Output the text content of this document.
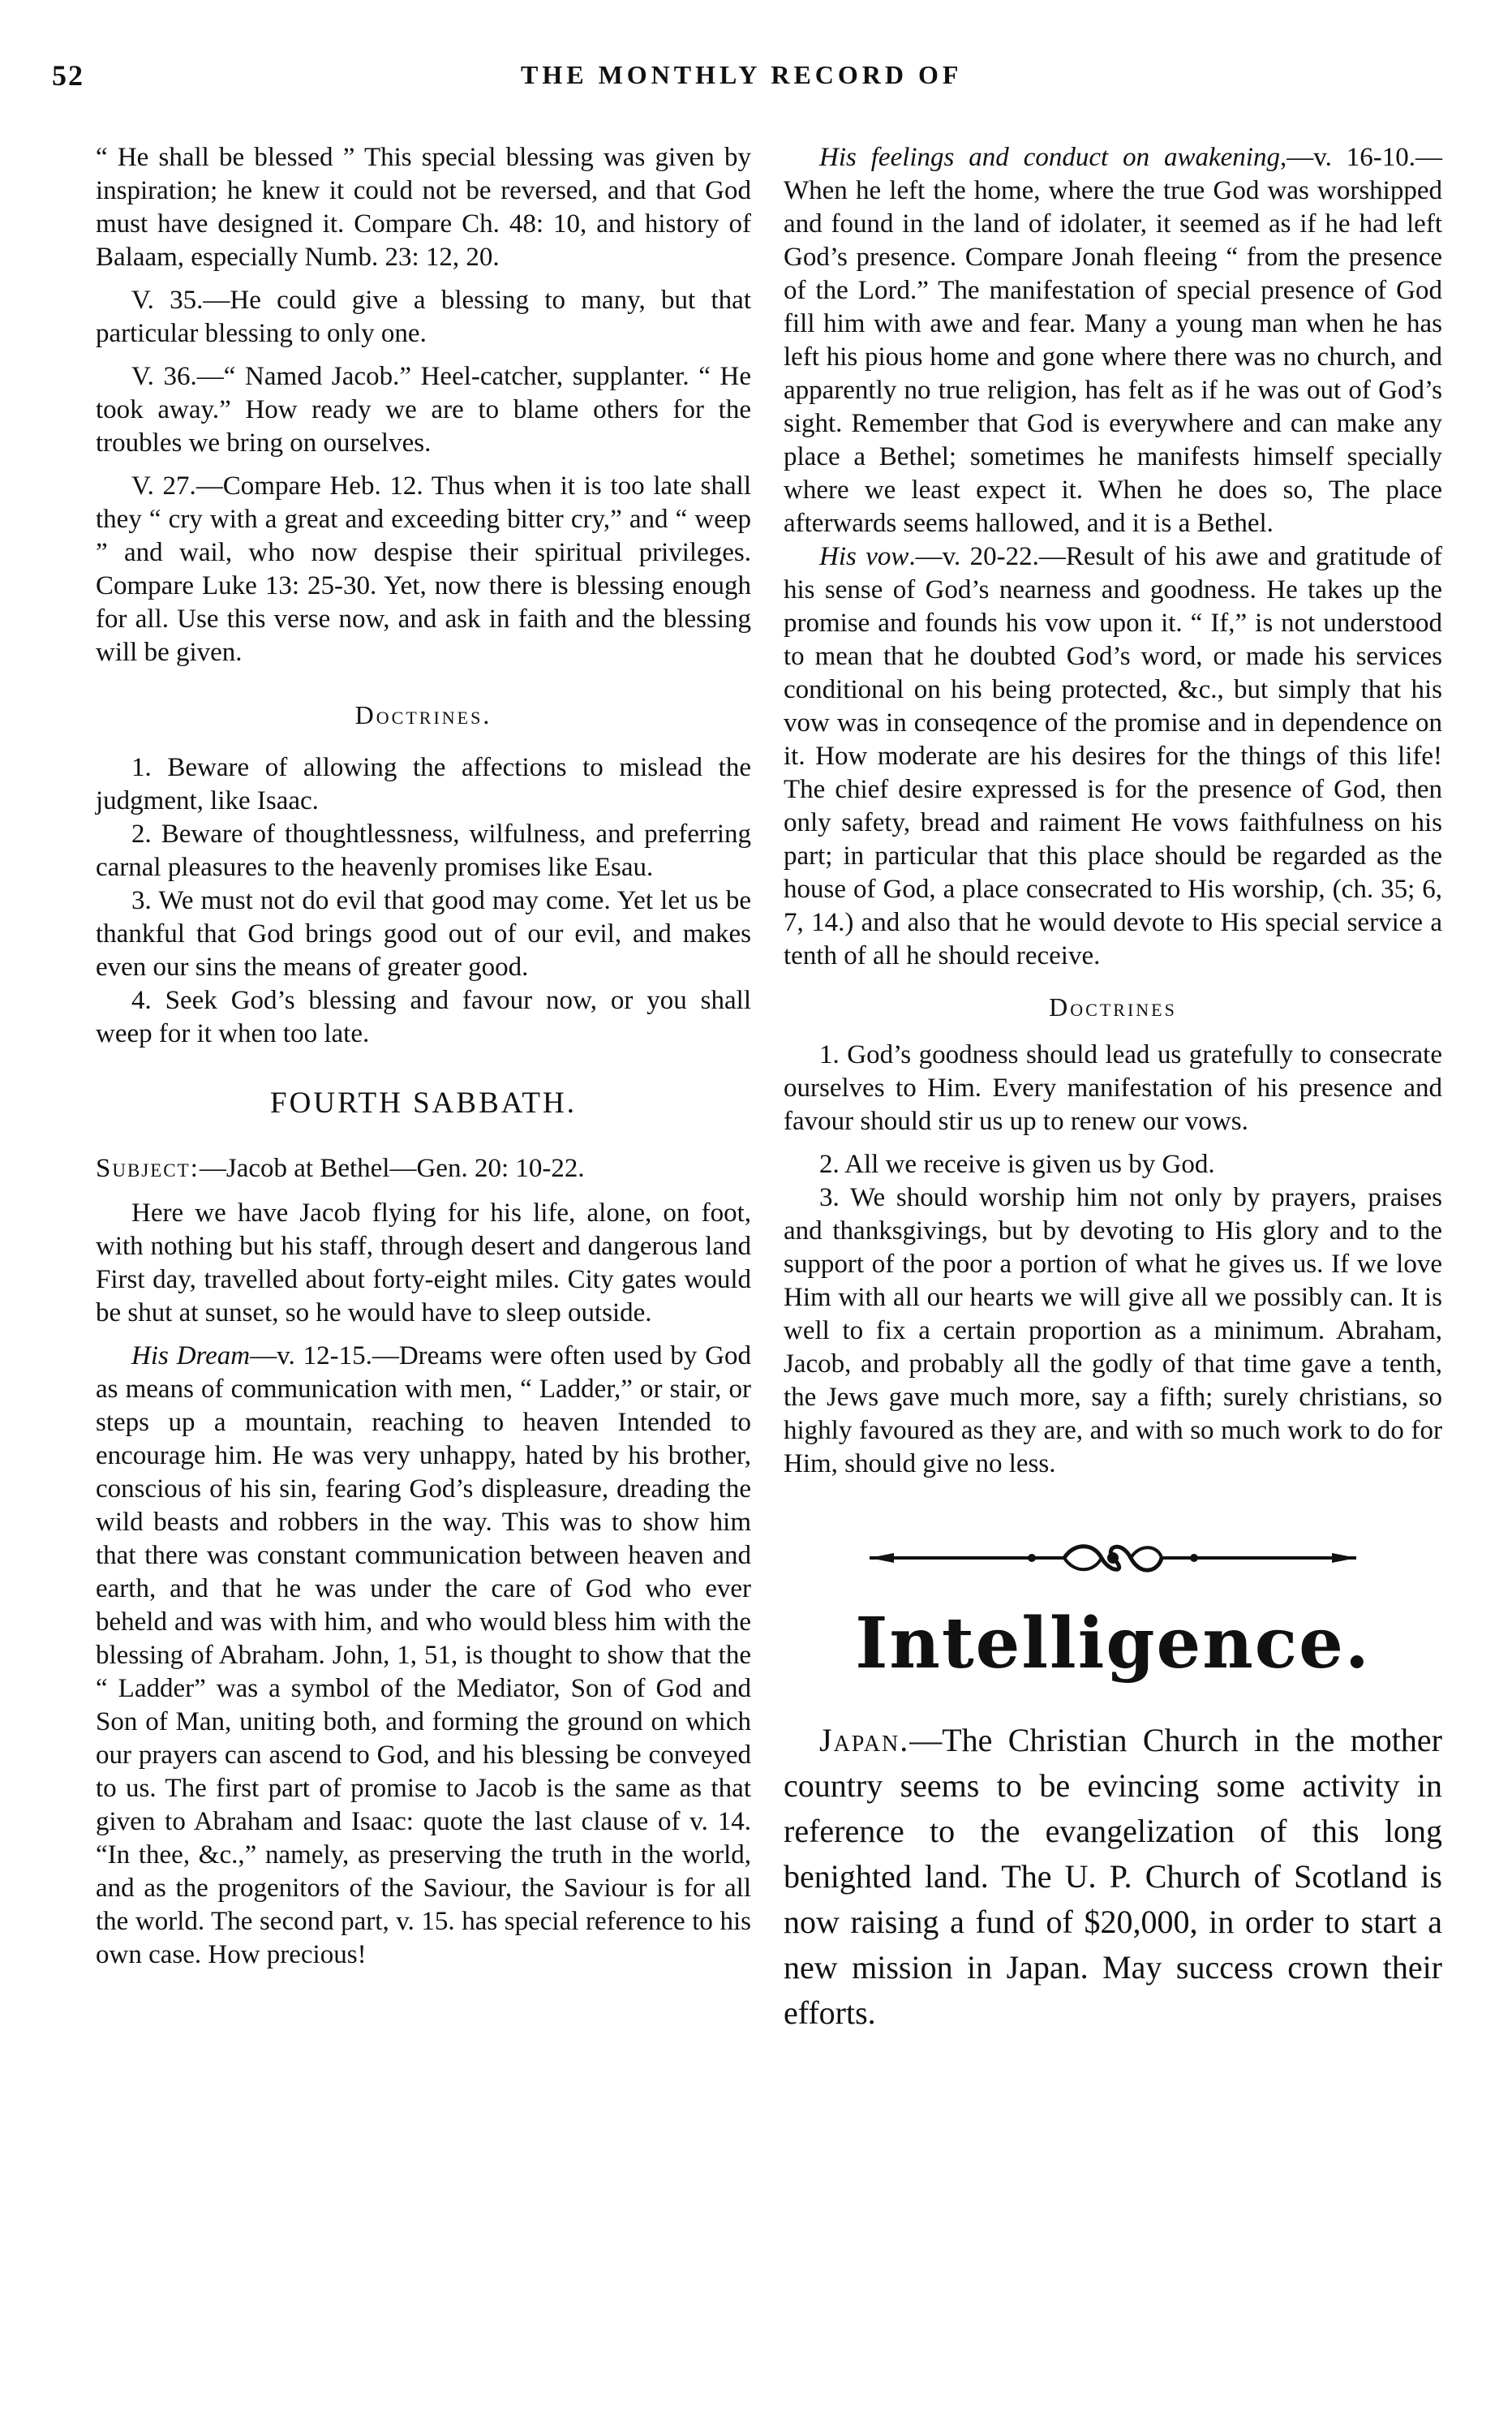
52	THE MONTHLY RECORD OF

“ He shall be blessed ” This special blessing was given by inspiration; he knew it could not be reversed, and that God must have designed it. Compare Ch. 48: 10, and history of Balaam, especially Numb. 23: 12, 20.

V. 35.—He could give a blessing to many, but that particular blessing to only one.

V. 36.—“ Named Jacob.” Heel-catcher, supplanter. “ He took away.” How ready we are to blame others for the troubles we bring on ourselves.

V. 27.—Compare Heb. 12. Thus when it is too late shall they “ cry with a great and exceeding bitter cry,” and “ weep ” and wail, who now despise their spiritual privileges. Compare Luke 13: 25-30. Yet, now there is blessing enough for all. Use this verse now, and ask in faith and the blessing will be given.

Doctrines.

1. Beware of allowing the affections to mislead the judgment, like Isaac.

2. Beware of thoughtlessness, wilfulness, and preferring carnal pleasures to the heavenly promises like Esau.

3. We must not do evil that good may come. Yet let us be thankful that God brings good out of our evil, and makes even our sins the means of greater good.

4. Seek God’s blessing and favour now, or you shall weep for it when too late.

FOURTH SABBATH.

Subject:—Jacob at Bethel—Gen. 20: 10-22.

Here we have Jacob flying for his life, alone, on foot, with nothing but his staff, through desert and dangerous land First day, travelled about forty-eight miles. City gates would be shut at sunset, so he would have to sleep outside.

His Dream—v. 12-15.—Dreams were often used by God as means of communication with men, “ Ladder,” or stair, or steps up a mountain, reaching to heaven Intended to encourage him. He was very unhappy, hated by his brother, conscious of his sin, fearing God’s displeasure, dreading the wild beasts and robbers in the way. This was to show him that there was constant communication between heaven and earth, and that he was under the care of God who ever beheld and was with him, and who would bless him with the blessing of Abraham. John, 1, 51, is thought to show that the “ Ladder” was a symbol of the Mediator, Son of God and Son of Man, uniting both, and forming the ground on which our prayers can ascend to God, and his blessing be conveyed to us. The first part of promise to Jacob is the same as that given to Abraham and Isaac: quote the last clause of v. 14. “In thee, &c.,” namely, as preserving the truth in the world, and as the progenitors of the Saviour, the Saviour is for all the world. The second part, v. 15. has special reference to his own case. How precious!

His feelings and conduct on awakening,—v. 16-10.—When he left the home, where the true God was worshipped and found in the land of idolater, it seemed as if he had left God’s presence. Compare Jonah fleeing “ from the presence of the Lord.” The manifestation of special presence of God fill him with awe and fear. Many a young man when he has left his pious home and gone where there was no church, and apparently no true religion, has felt as if he was out of God’s sight. Remember that God is everywhere and can make any place a Bethel; sometimes he manifests himself specially where we least expect it. When he does so, The place afterwards seems hallowed, and it is a Bethel.

His vow.—v. 20-22.—Result of his awe and gratitude of his sense of God’s nearness and goodness. He takes up the promise and founds his vow upon it. “ If,” is not understood to mean that he doubted God’s word, or made his services conditional on his being protected, &c., but simply that his vow was in conseqence of the promise and in dependence on it. How moderate are his desires for the things of this life! The chief desire expressed is for the presence of God, then only safety, bread and raiment He vows faithfulness on his part; in particular that this place should be regarded as the house of God, a place consecrated to His worship, (ch. 35; 6, 7, 14.) and also that he would devote to His special service a tenth of all he should receive.

Doctrines

1. God’s goodness should lead us gratefully to consecrate ourselves to Him. Every manifestation of his presence and favour should stir us up to renew our vows.

2. All we receive is given us by God.

3. We should worship him not only by prayers, praises and thanksgivings, but by devoting to His glory and to the support of the poor a portion of what he gives us. If we love Him with all our hearts we will give all we possibly can. It is well to fix a certain proportion as a minimum. Abraham, Jacob, and probably all the godly of that time gave a tenth, the Jews gave much more, say a fifth; surely christians, so highly favoured as they are, and with so much work to do for Him, should give no less.

Intelligence.

Japan.—The Christian Church in the mother country seems to be evincing some activity in reference to the evangelization of this long benighted land. The U. P. Church of Scotland is now raising a fund of $20,000, in order to start a new mission in Japan. May success crown their efforts.
